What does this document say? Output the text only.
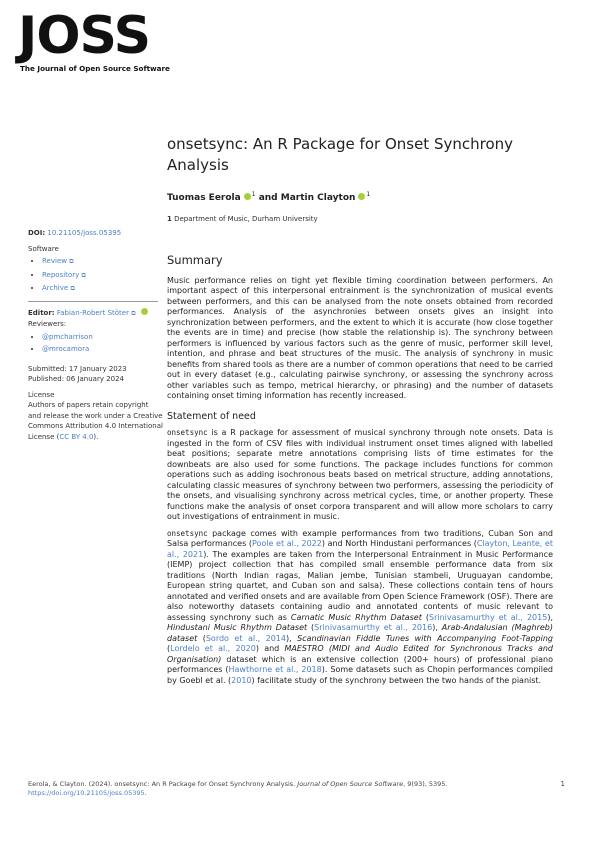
JOSS
The Journal of Open Source Software
onsetsync: An R Package for Onset Synchrony Analysis
Tuomas Eerola $^1$ and Martin Clayton $^1$
1 Department of Music, Durham University
DOI: 10.21105/joss.05395
Software
• Review ⧉
• Repository ⧉
• Archive ⧉
Editor: Fabian-Robert Stöter ⧉
Reviewers:
• @pmcharrison
• @mrocamora
Submitted: 17 January 2023
Published: 06 January 2024
License
Authors of papers retain copyright and release the work under a Creative Commons Attribution 4.0 International License (CC BY 4.0).
Summary

Music performance relies on tight yet flexible timing coordination between performers. An important aspect of this interpersonal entrainment is the synchronization of musical events between performers, and this can be analysed from the note onsets obtained from recorded performances. Analysis of the asynchronies between onsets gives an insight into synchronization between performers, and the extent to which it is accurate (how close together the events are in time) and precise (how stable the relationship is). The synchrony between performers is influenced by various factors such as the genre of music, performer skill level, intention, and phrase and beat structures of the music. The analysis of synchrony in music benefits from shared tools as there are a number of common operations that need to be carried out in every dataset (e.g., calculating pairwise synchrony, or assessing the synchrony across other variables such as tempo, metrical hierarchy, or phrasing) and the number of datasets containing onset timing information has recently increased.

Statement of need

onsetsync is a R package for assessment of musical synchrony through note onsets. Data is ingested in the form of CSV files with individual instrument onset times aligned with labelled beat positions; separate metre annotations comprising lists of time estimates for the downbeats are also used for some functions. The package includes functions for common operations such as adding isochronous beats based on metrical structure, adding annotations, calculating classic measures of synchrony between two performers, assessing the periodicity of the onsets, and visualising synchrony across metrical cycles, time, or another property. These functions make the analysis of onset corpora transparent and will allow more scholars to carry out investigations of entrainment in music.

onsetsync package comes with example performances from two traditions, Cuban Son and Salsa performances (Poole et al., 2022) and North Hindustani performances (Clayton, Leante, et al., 2021). The examples are taken from the Interpersonal Entrainment in Music Performance (IEMP) project collection that has compiled small ensemble performance data from six traditions (North Indian ragas, Malian jembe, Tunisian stambeli, Uruguayan candombe, European string quartet, and Cuban son and salsa). These collections contain tens of hours annotated and verified onsets and are available from Open Science Framework (OSF). There are also noteworthy datasets containing audio and annotated contents of music relevant to assessing synchrony such as Carnatic Music Rhythm Dataset (Srinivasamurthy et al., 2015), Hindustani Music Rhythm Dataset (Srinivasamurthy et al., 2016), Arab-Andalusian (Maghreb) dataset (Sordo et al., 2014), Scandinavian Fiddle Tunes with Accompanying Foot-Tapping (Lordelo et al., 2020) and MAESTRO (MIDI and Audio Edited for Synchronous Tracks and Organisation) dataset which is an extensive collection (200+ hours) of professional piano performances (Hawthorne et al., 2018). Some datasets such as Chopin performances compiled by Goebl et al. (2010) facilitate study of the synchrony between the two hands of the pianist.

Eerola, & Clayton. (2024). onsetsync: An R Package for Onset Synchrony Analysis. Journal of Open Source Software, 9(93), 5395. https://doi.org/10.21105/joss.05395.
1
